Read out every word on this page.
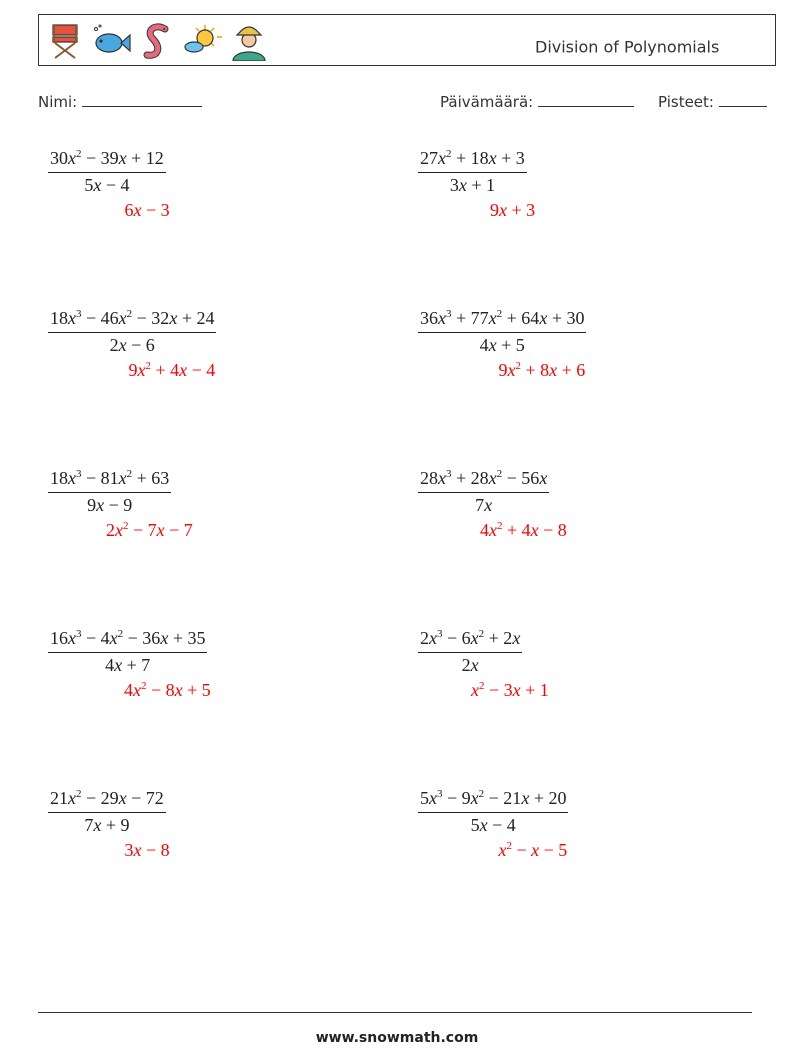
Division of Polynomials
Nimi:	Päivämäärä:	Pisteet:
$\frac{30x^2 - 39x + 12}{5x - 4}$
6x − 3
$\frac{27x^2 + 18x + 3}{3x + 1}$
9x + 3
$\frac{18x^3 - 46x^2 - 32x + 24}{2x - 6}$
$9x^2 + 4x - 4$
$\frac{36x^3 + 77x^2 + 64x + 30}{4x + 5}$
$9x^2 + 8x + 6$
$\frac{18x^3 - 81x^2 + 63}{9x - 9}$
$2x^2 - 7x - 7$
$\frac{28x^3 + 28x^2 - 56x}{7x}$
$4x^2 + 4x - 8$
$\frac{16x^3 - 4x^2 - 36x + 35}{4x + 7}$
$4x^2 - 8x + 5$
$\frac{2x^3 - 6x^2 + 2x}{2x}$
$x^2 - 3x + 1$
$\frac{21x^2 - 29x - 72}{7x + 9}$
3x − 8
$\frac{5x^3 - 9x^2 - 21x + 20}{5x - 4}$
$x^2 - x - 5$
www.snowmath.com
